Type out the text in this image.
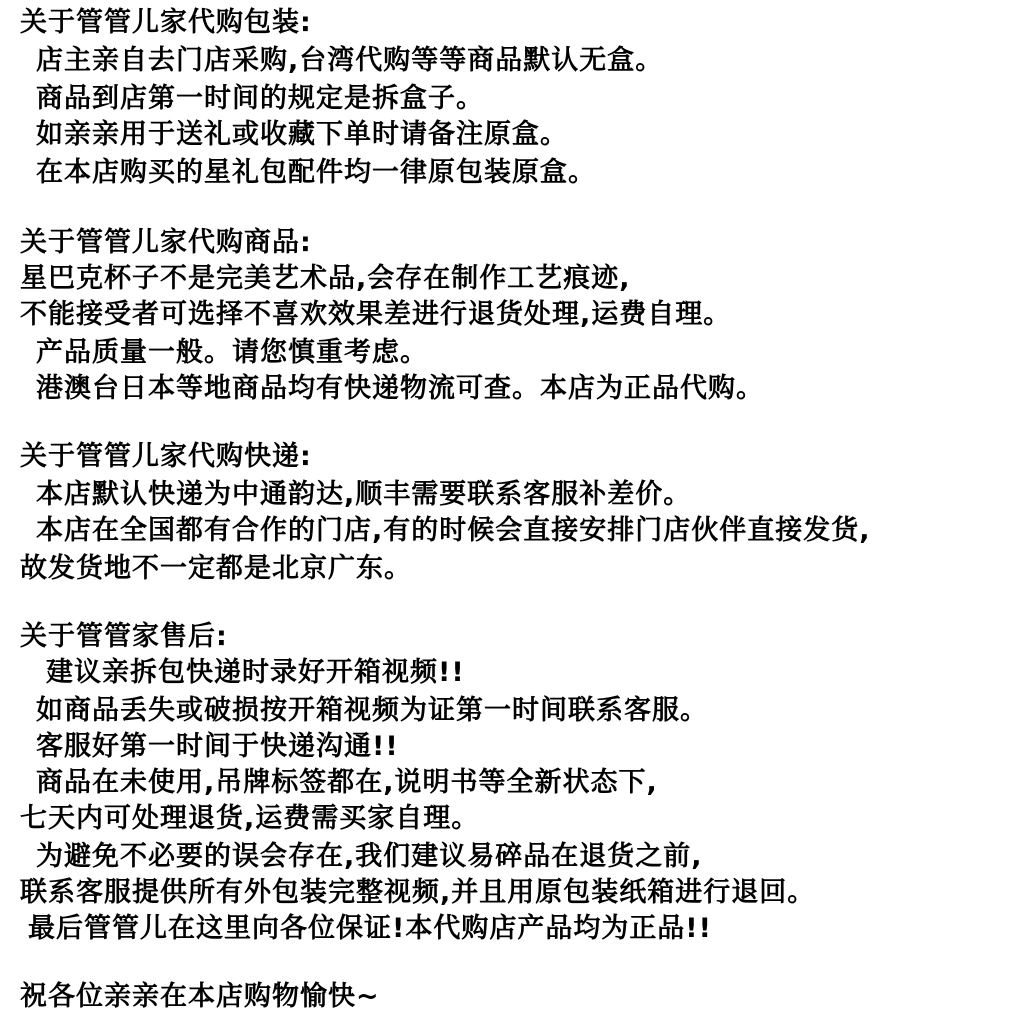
关于管管儿家代购包装:
店主亲自去门店采购,台湾代购等等商品默认无盒。
商品到店第一时间的规定是拆盒子。
如亲亲用于送礼或收藏下单时请备注原盒。
在本店购买的星礼包配件均一律原包装原盒。
关于管管儿家代购商品:
星巴克杯子不是完美艺术品,会存在制作工艺痕迹,
不能接受者可选择不喜欢效果差进行退货处理,运费自理。
产品质量一般。请您慎重考虑。
港澳台日本等地商品均有快递物流可查。本店为正品代购。
关于管管儿家代购快递:
本店默认快递为中通韵达,顺丰需要联系客服补差价。
本店在全国都有合作的门店,有的时候会直接安排门店伙伴直接发货,
故发货地不一定都是北京广东。
关于管管家售后:
建议亲拆包快递时录好开箱视频!!
如商品丢失或破损按开箱视频为证第一时间联系客服。
客服好第一时间于快递沟通!!
商品在未使用,吊牌标签都在,说明书等全新状态下,
七天内可处理退货,运费需买家自理。
为避免不必要的误会存在,我们建议易碎品在退货之前,
联系客服提供所有外包装完整视频,并且用原包装纸箱进行退回。
最后管管儿在这里向各位保证!本代购店产品均为正品!!
祝各位亲亲在本店购物愉快~
